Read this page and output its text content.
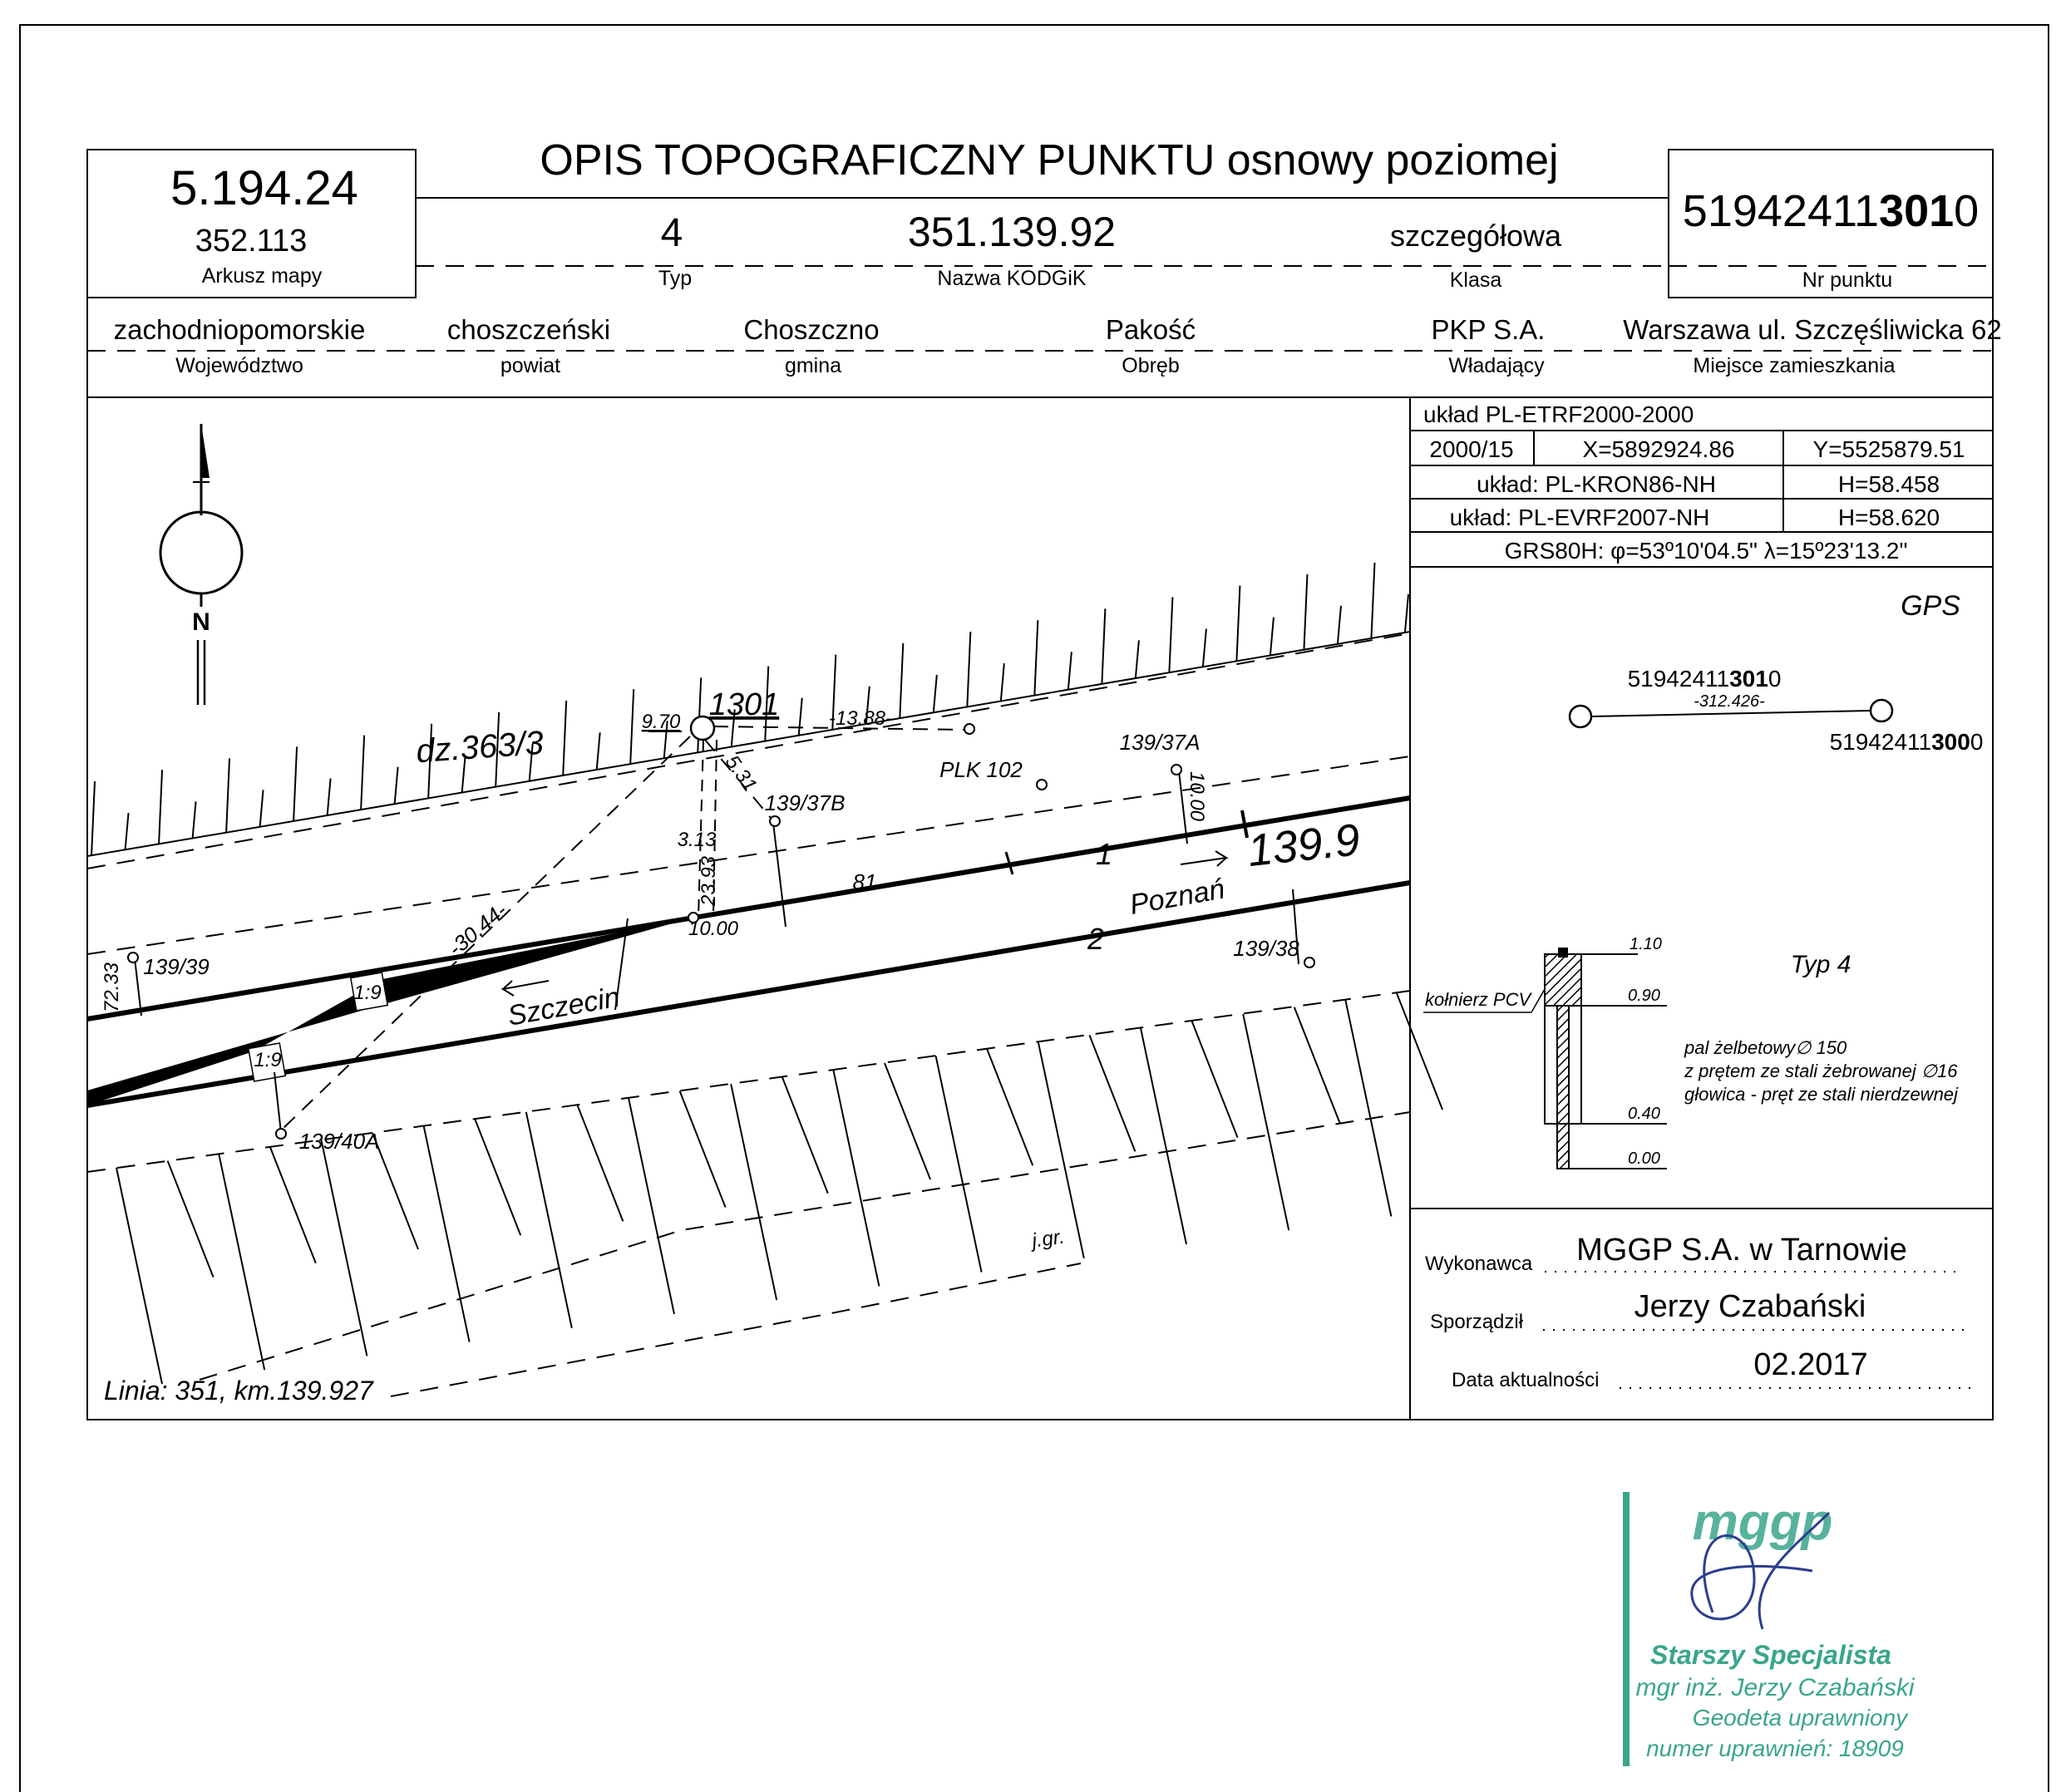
OPIS TOPOGRAFICZNY PUNKTU osnowy poziomej
5.194.24
352.113
Arkusz mapy
4
Typ
351.139.92
Nazwa KODGiK
szczegółowa
Klasa
519424113010
Nr punktu
zachodniopomorskie
Województwo
choszczeński
powiat
Choszczno
gmina
Pakość
Obręb
PKP S.A.
Władający
Warszawa ul. Szczęśliwicka 62
Miejsce zamieszkania
układ PL-ETRF2000-2000
2000/15	X=5892924.86	Y=5525879.51
układ: PL-KRON86-NH	H=58.458
układ: PL-EVRF2007-NH	H=58.620
GRS80H: φ=53º10'04.5" λ=15º23'13.2"
GPS
519424113010
-312.426-
519424113000
Typ 4
1.10
0.90
0.40
0.00
kołnierz PCV
pal żelbetowy∅ 150
z prętem ze stali żebrowanej ∅16
głowica - pręt ze stali nierdzewnej
Wykonawca MGGP S.A. w Tarnowie
Sporządził	Jerzy Czabański
Data aktualności	02.2017
N
1:9
1:9
dz.363/3
1301
9.70	-13.88-
5.31	PLK 102
139/37A
139/37B	10.00
3.13
23.93
10.00
81
1
2
139.9
Poznań
Szczecin
-30.44-
72.33 139/39
139/38
139/40A
j.gr.
Linia: 351, km.139.927
mggp
Starszy Specjalista
mgr inż. Jerzy Czabański
Geodeta uprawniony
numer uprawnień: 18909
